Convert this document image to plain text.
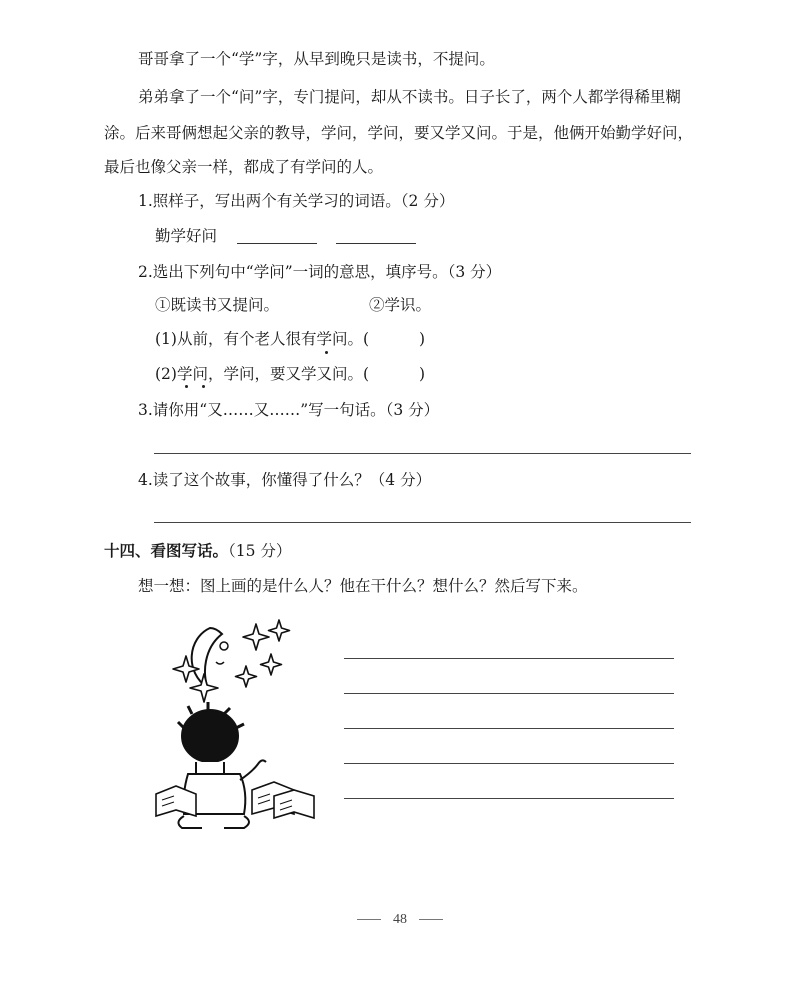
哥哥拿了一个“学”字，从早到晚只是读书，不提问。
弟弟拿了一个“问”字，专门提问，却从不读书。日子长了，两个人都学得稀里糊
涂。后来哥俩想起父亲的教导，学问，学问，要又学又问。于是，他俩开始勤学好问，
最后也像父亲一样，都成了有学问的人。
1.照样子，写出两个有关学习的词语。（2 分）
勤学好问
2.选出下列句中“学问”一词的意思，填序号。（3 分）
①既读书又提问。	②学识。
(1)从前，有个老人很有学问。(	)
(2)学问，学问，要又学又问。(	)
3.请你用“又……又……”写一句话。（3 分）
4.读了这个故事，你懂得了什么？（4 分）
十四、看图写话。（15 分）
想一想：图上画的是什么人？他在干什么？想什么？然后写下来。
48
